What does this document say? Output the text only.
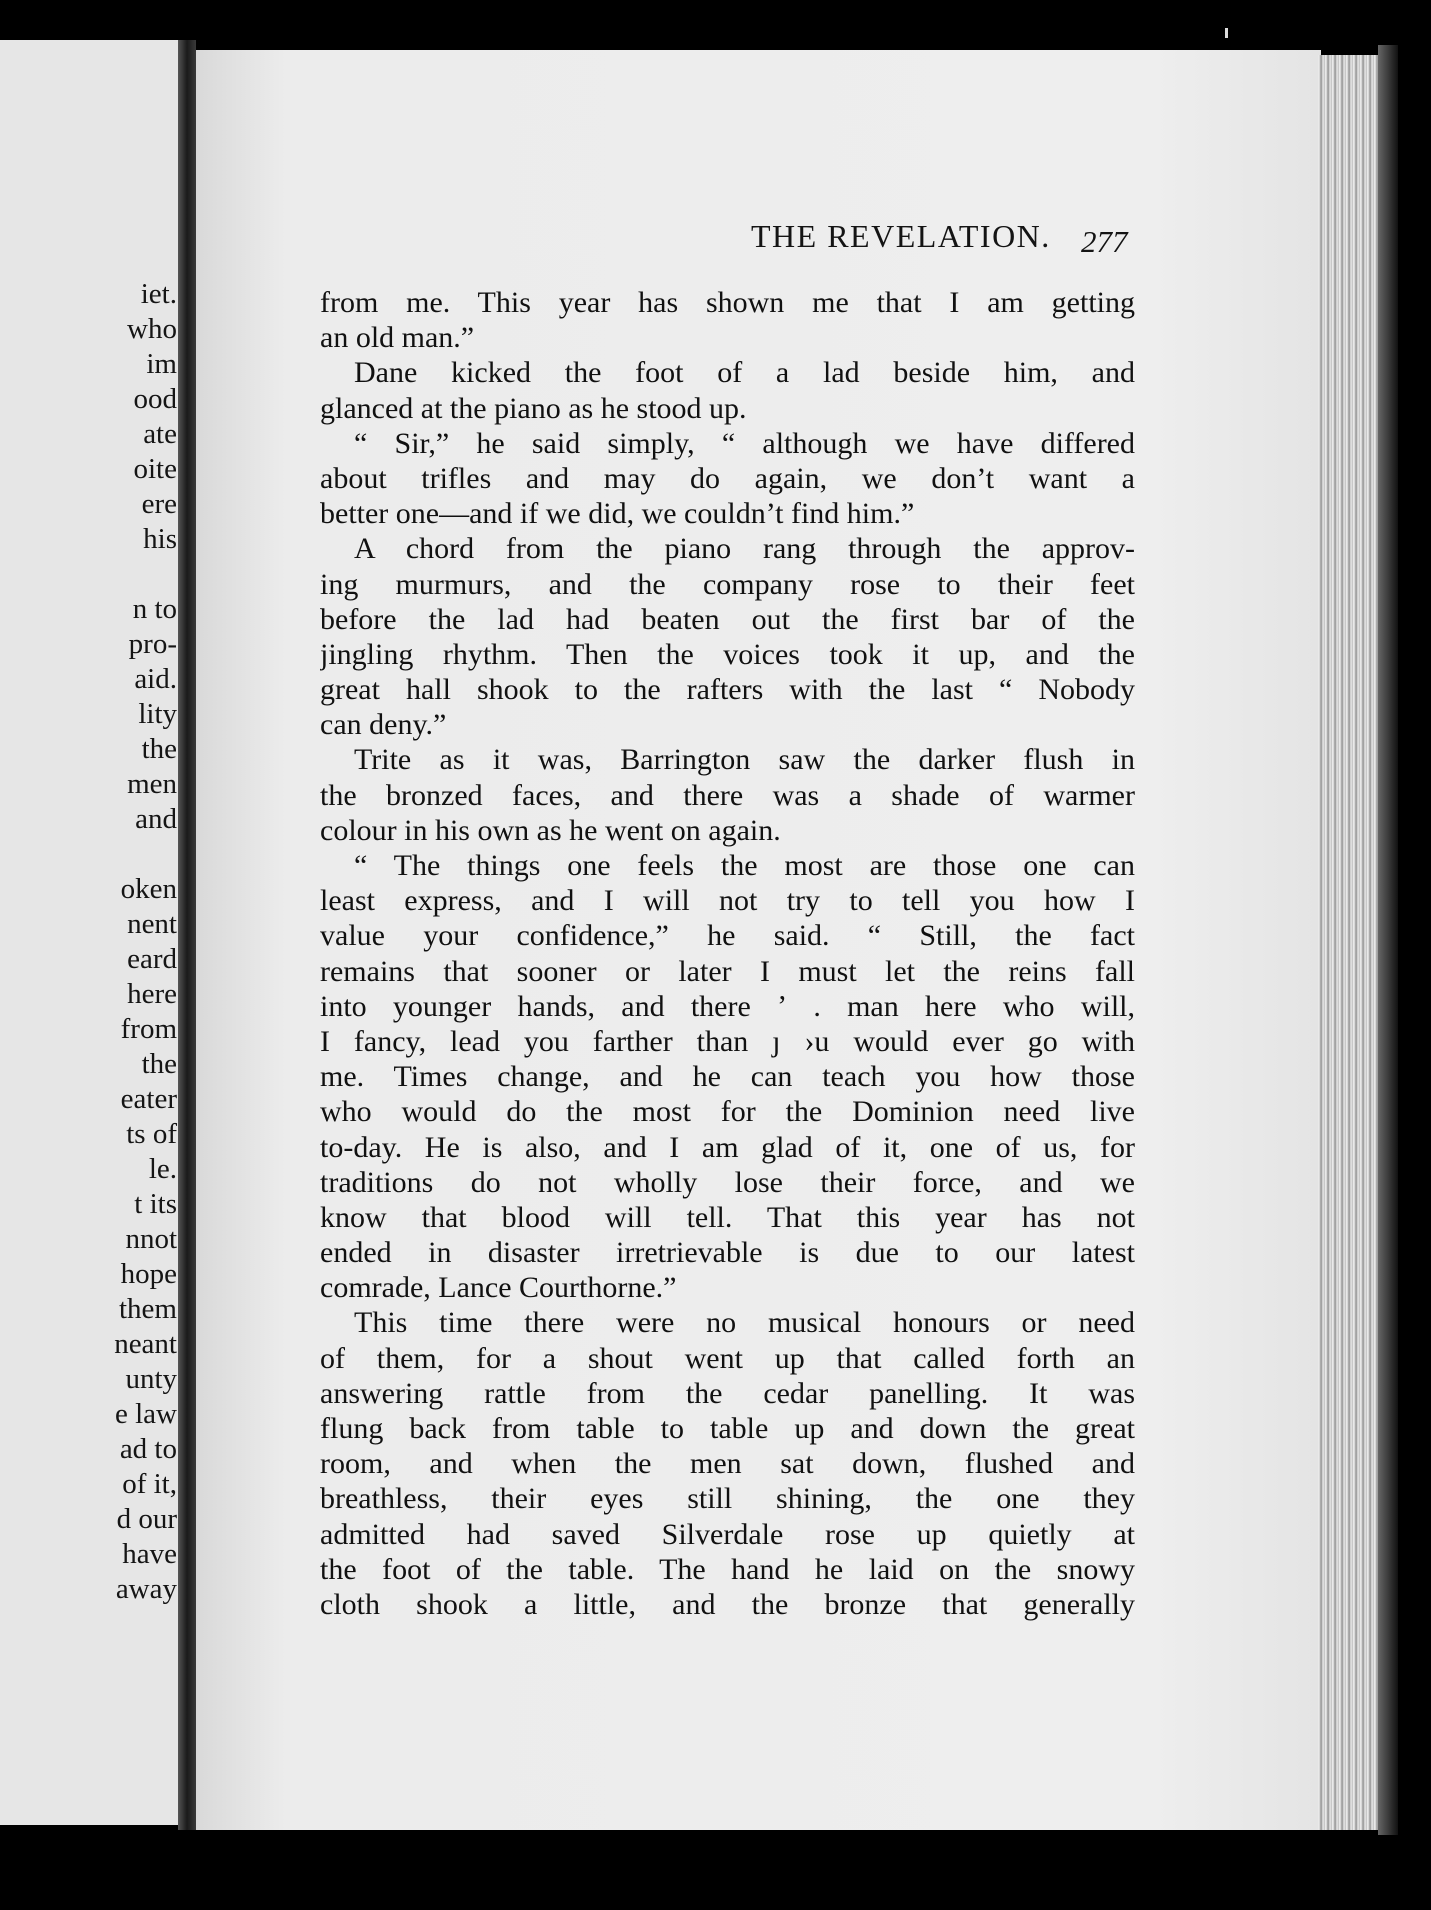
iet.
who
im
ood
ate
oite
ere
his
n to
pro-
aid.
lity
the
men
and
oken
nent
eard
here
from
the
eater
ts of
le.
t its
nnot
hope
them
neant
unty
e law
ad to
of it,
d our
have
away
THE REVELATION. 277
from me. This year has shown me that I am getting
an old man.”
Dane kicked the foot of a lad beside him, and
glanced at the piano as he stood up.
“ Sir,” he said simply, “ although we have differed
about trifles and may do again, we don’t want a
better one—and if we did, we couldn’t find him.”
A chord from the piano rang through the approv-
ing murmurs, and the company rose to their feet
before the lad had beaten out the first bar of the
jingling rhythm. Then the voices took it up, and the
great hall shook to the rafters with the last “ Nobody
can deny.”
Trite as it was, Barrington saw the darker flush in
the bronzed faces, and there was a shade of warmer
colour in his own as he went on again.
“ The things one feels the most are those one can
least express, and I will not try to tell you how I
value your confidence,” he said. “ Still, the fact
remains that sooner or later I must let the reins fall
into younger hands, and there ʼ . man here who will,
I fancy, lead you farther than ȷ ›u would ever go with
me. Times change, and he can teach you how those
who would do the most for the Dominion need live
to-day. He is also, and I am glad of it, one of us, for
traditions do not wholly lose their force, and we
know that blood will tell. That this year has not
ended in disaster irretrievable is due to our latest
comrade, Lance Courthorne.”
This time there were no musical honours or need
of them, for a shout went up that called forth an
answering rattle from the cedar panelling. It was
flung back from table to table up and down the great
room, and when the men sat down, flushed and
breathless, their eyes still shining, the one they
admitted had saved Silverdale rose up quietly at
the foot of the table. The hand he laid on the snowy
cloth shook a little, and the bronze that generally
